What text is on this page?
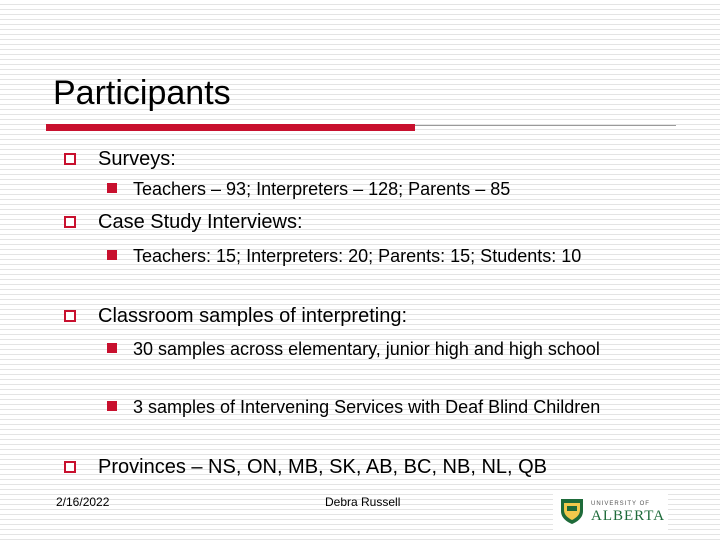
Participants
Surveys:
Teachers – 93; Interpreters – 128; Parents – 85
Case Study Interviews:
Teachers: 15; Interpreters: 20; Parents: 15; Students: 10
Classroom samples of interpreting:
30 samples across elementary, junior high and high school
3 samples of Intervening Services with Deaf Blind Children
Provinces – NS, ON, MB, SK, AB, BC, NB, NL, QB
2/16/2022	Debra Russell	UNIVERSITY OF
ALBERTA
